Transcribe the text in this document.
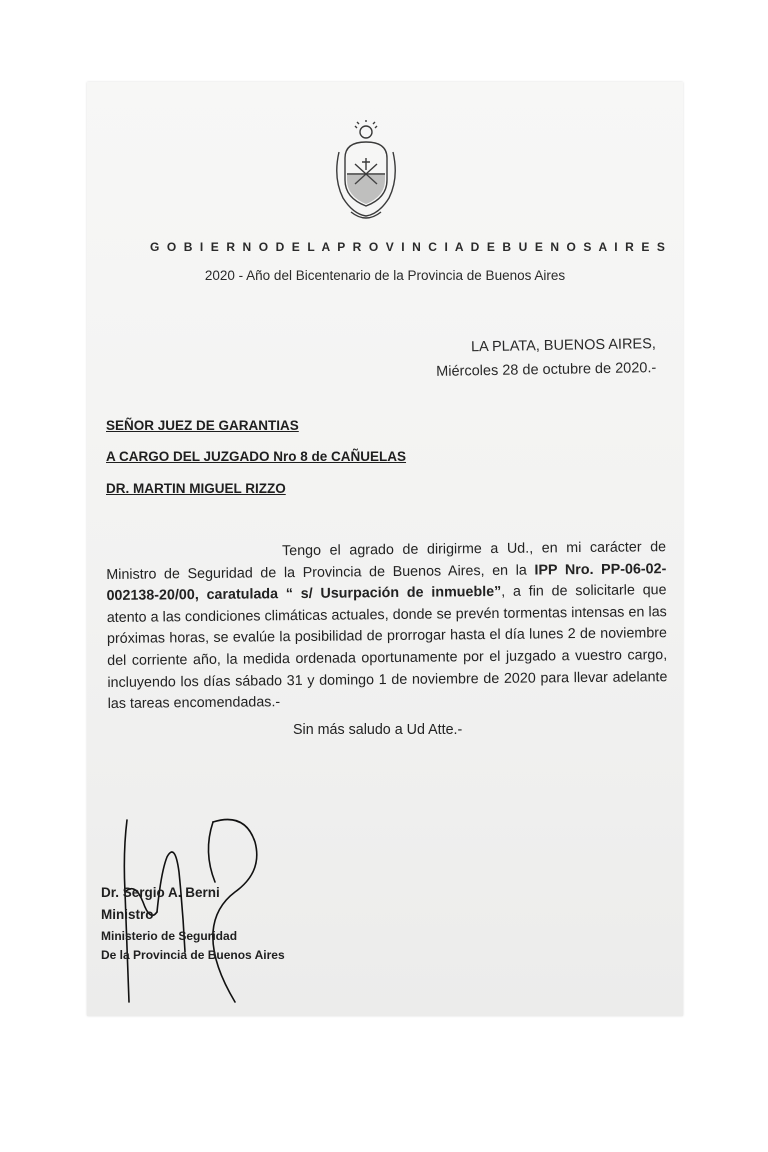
G O B I E R N O D E L A P R O V I N C I A D E B U E N O S A I R E S
2020 - Año del Bicentenario de la Provincia de Buenos Aires
LA PLATA, BUENOS AIRES,
Miércoles 28 de octubre de 2020.-
SEÑOR JUEZ DE GARANTIAS
A CARGO DEL JUZGADO Nro 8 de CAÑUELAS
DR. MARTIN MIGUEL RIZZO

Tengo el agrado de dirigirme a Ud., en mi carácter de Ministro de Seguridad de la Provincia de Buenos Aires, en la IPP Nro. PP-06-02-002138-20/00, caratulada “ s/ Usurpación de inmueble”, a fin de solicitarle que atento a las condiciones climáticas actuales, donde se prevén tormentas intensas en las próximas horas, se evalúe la posibilidad de prorrogar hasta el día lunes 2 de noviembre del corriente año, la medida ordenada oportunamente por el juzgado a vuestro cargo, incluyendo los días sábado 31 y domingo 1 de noviembre de 2020 para llevar adelante las tareas encomendadas.-

Sin más saludo a Ud Atte.-
Dr. Sergio A. Berni
Ministro
Ministerio de Seguridad
De la Provincia de Buenos Aires
